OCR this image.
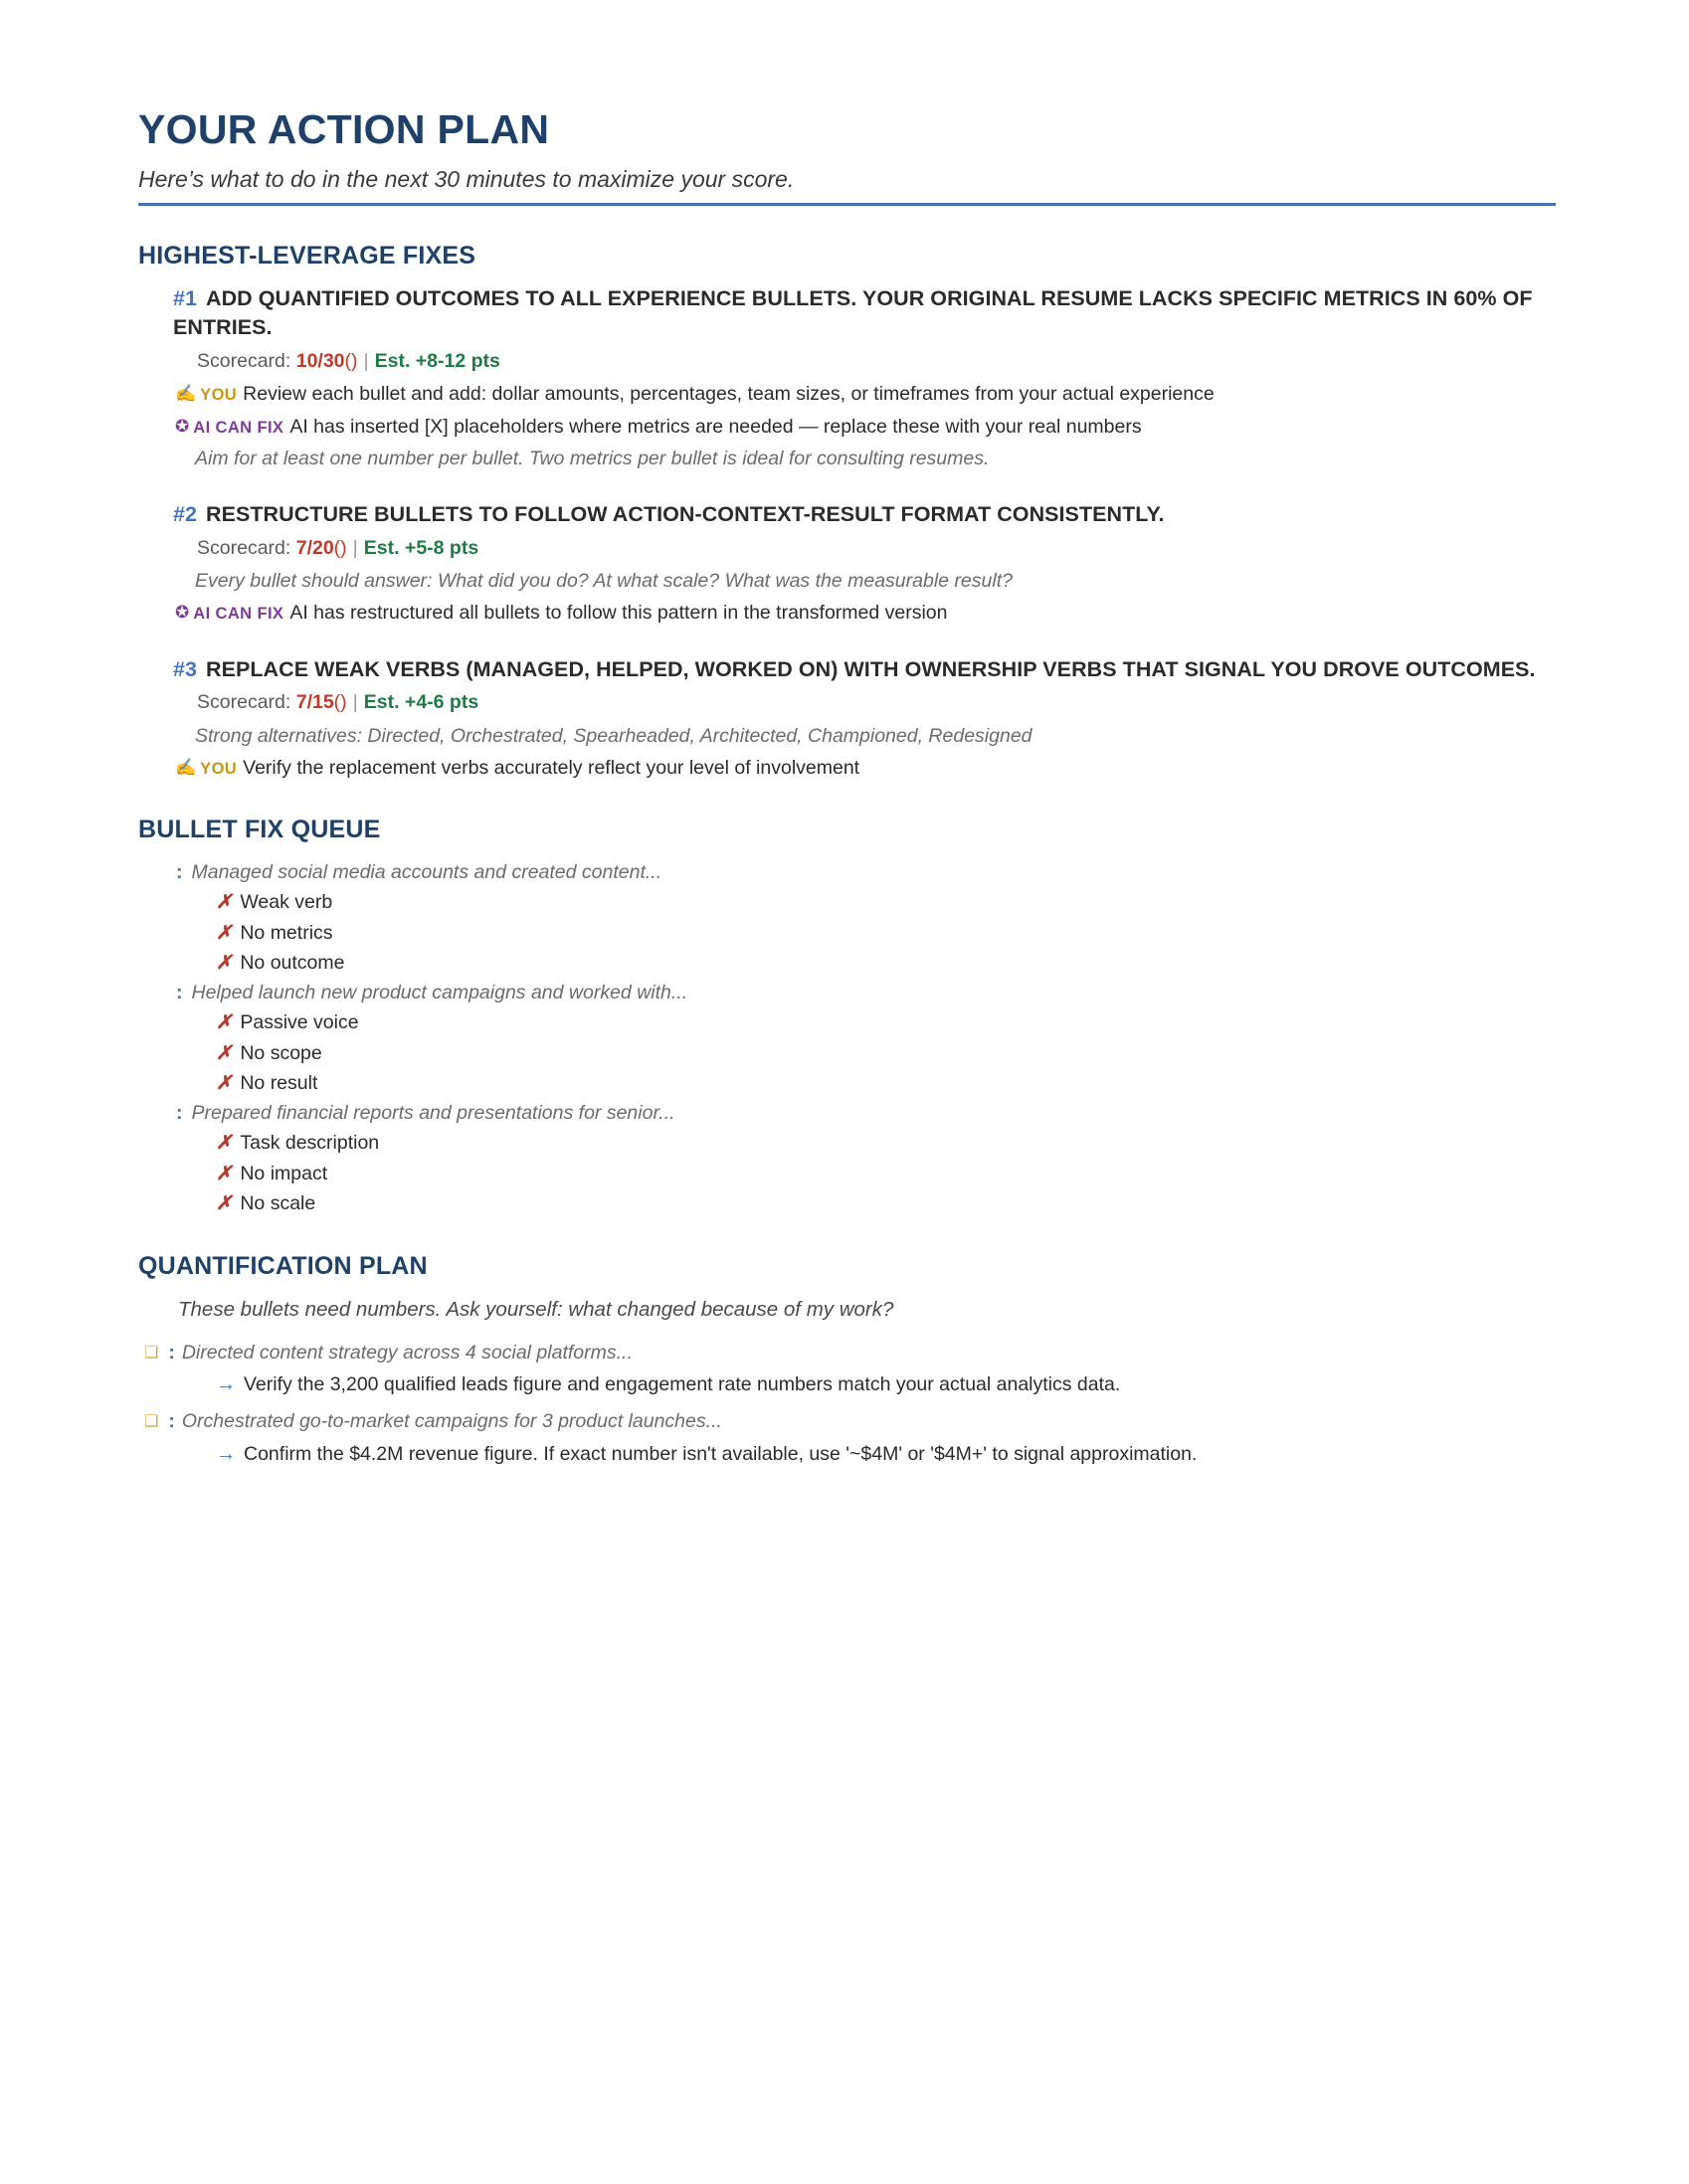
YOUR ACTION PLAN
Here’s what to do in the next 30 minutes to maximize your score.
HIGHEST-LEVERAGE FIXES
#1 ADD QUANTIFIED OUTCOMES TO ALL EXPERIENCE BULLETS. YOUR ORIGINAL RESUME LACKS SPECIFIC METRICS IN 60% OF ENTRIES.
Scorecard: 10/30() | Est. +8-12 pts
✍ YOU Review each bullet and add: dollar amounts, percentages, team sizes, or timeframes from your actual experience
✪ AI CAN FIX AI has inserted [X] placeholders where metrics are needed — replace these with your real numbers
Aim for at least one number per bullet. Two metrics per bullet is ideal for consulting resumes.
#2 RESTRUCTURE BULLETS TO FOLLOW ACTION-CONTEXT-RESULT FORMAT CONSISTENTLY.
Scorecard: 7/20() | Est. +5-8 pts
Every bullet should answer: What did you do? At what scale? What was the measurable result?
✪ AI CAN FIX AI has restructured all bullets to follow this pattern in the transformed version
#3 REPLACE WEAK VERBS (MANAGED, HELPED, WORKED ON) WITH OWNERSHIP VERBS THAT SIGNAL YOU DROVE OUTCOMES.
Scorecard: 7/15() | Est. +4-6 pts
Strong alternatives: Directed, Orchestrated, Spearheaded, Architected, Championed, Redesigned
✍ YOU Verify the replacement verbs accurately reflect your level of involvement
BULLET FIX QUEUE
: Managed social media accounts and created content...
✗ Weak verb
✗ No metrics
✗ No outcome
: Helped launch new product campaigns and worked with...
✗ Passive voice
✗ No scope
✗ No result
: Prepared financial reports and presentations for senior...
✗ Task description
✗ No impact
✗ No scale
QUANTIFICATION PLAN
These bullets need numbers. Ask yourself: what changed because of my work?
❑ : Directed content strategy across 4 social platforms...
→ Verify the 3,200 qualified leads figure and engagement rate numbers match your actual analytics data.
❑ : Orchestrated go-to-market campaigns for 3 product launches...
→ Confirm the $4.2M revenue figure. If exact number isn't available, use '~$4M' or '$4M+' to signal approximation.
